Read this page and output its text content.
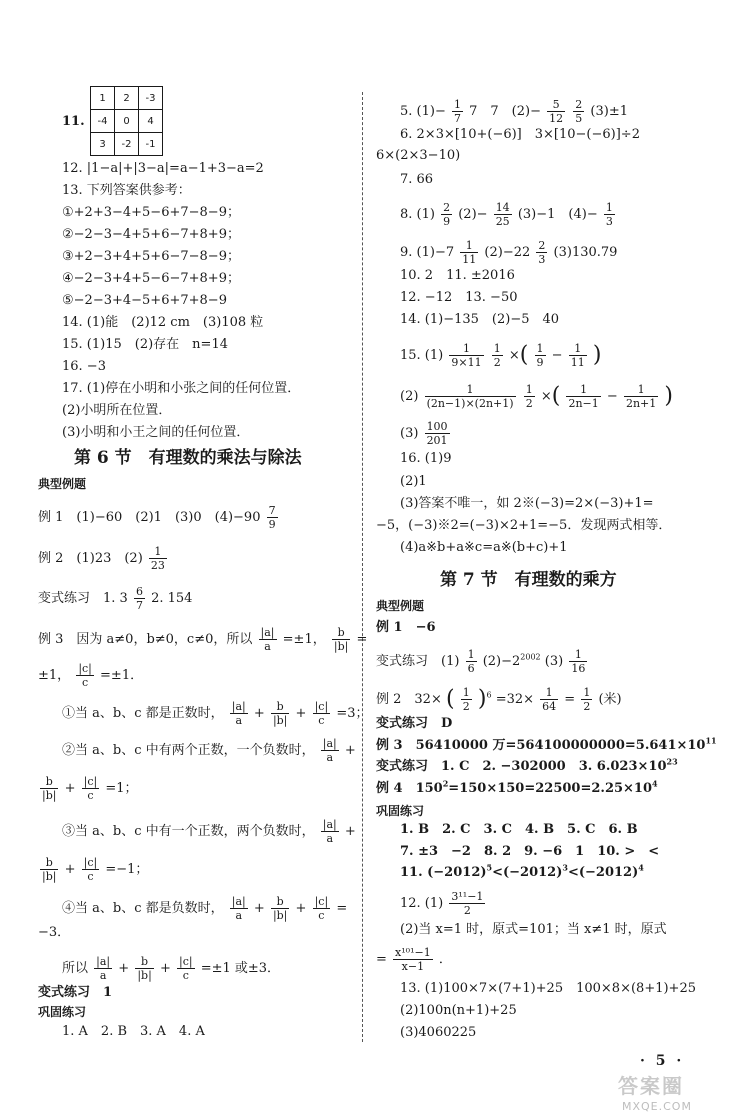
11.
1	2	-3
-4	0	4
3	-2	-1
12. |1−a|+|3−a|=a−1+3−a=2
13. 下列答案供参考：
①+2+3−4+5−6+7−8−9；
②−2−3−4+5+6−7+8+9；
③+2−3+4+5+6−7−8−9；
④−2−3+4+5−6−7+8+9；
⑤−2−3+4−5+6+7+8−9
14. (1)能　(2)12 cm　(3)108 粒
15. (1)15　(2)存在　n=14
16. −3
17. (1)停在小明和小张之间的任何位置．
(2)小明所在位置．
(3)小明和小王之间的任何位置．
第 6 节　有理数的乘法与除法
典型例题
例 1　(1)−60　(2)1　(3)0　$(4)-90 \frac{7}{9}$
例 2　(1)23　$(2) \frac{1}{23}$
变式练习　1. $3 \frac{6}{7} 2$. 154
例 3　因为 a≠0，b≠0，c≠0，所以 $\frac{|a|}{a} =\pm 1$， $\frac{b}{|b|}$ =
±1， $\frac{|c|}{c} =\pm 1$．
①当 a、b、c 都是正数时， $\frac{|a|}{a} + \frac{b}{|b|} + \frac{|c|}{c} =3$；
②当 a、b、c 中有两个正数，一个负数时， $\frac{|a|}{a}$ +
$\frac{b}{|b|} + \frac{|c|}{c} =1$；
③当 a、b、c 中有一个正数，两个负数时， $\frac{|a|}{a}$ +
$\frac{b}{|b|} + \frac{|c|}{c} =-1$；
④当 a、b、c 都是负数时， $\frac{|a|}{a} + \frac{b}{|b|} + \frac{|c|}{c}$ =
−3．
所以 $\frac{|a|}{a} + \frac{b}{|b|} + \frac{|c|}{c} =\pm 1$ 或±3．
变式练习　1
巩固练习
1. A　2. B　3. A　4. A
5. $(1)- \frac{1}{7} 7$　7　$(2)- \frac{5}{12}$
$\frac{2}{5} (3)\pm 1$
6. 2×3×[10+(−6)]　3×[10−(−6)]÷2
6×(2×3−10)
7. 66
8. $(1) \frac{2}{9} (2)- \frac{14}{25} (3)-1$　$(4)- \frac{1}{3}$
9. $(1)-7 \frac{1}{11} (2)-22 \frac{2}{3} (3)130.79$
10. 2　11. ±2016
12. −12　13. −50
14. (1)−135　(2)−5　40
15. $(1) \frac{1}{9\times 11}$
$\frac{1}{2}$ ×( $\frac{1}{9} - \frac{1}{11}$ )
$(2) \frac{1}{(2n-1)\times(2n+1)}$
$\frac{1}{2}$ ×( $\frac{1}{2n-1} - \frac{1}{2n+1}$ )
$(3) \frac{100}{201}$
16. (1)9
(2)1
(3)答案不唯一，如 2※(−3)=2×(−3)+1=
−5，(−3)※2=(−3)×2+1=−5．发现两式相等．
(4)a※b+a※c=a※(b+c)+1
第 7 节　有理数的乘方
典型例题
例 1　−6
变式练习　$(1) \frac{1}{6} (2)-2^{2002}$ $(3) \frac{1}{16}$
例 2　32× ( $\frac{1}{2} )^6 =32\times \frac{1}{64} = \frac{1}{2}$ (米)
变式练习　D
例 3　56410000 万$=564100000000=5.641\times 10^{11}$
变式练习　1. C　2. −302000　3. $6.023\times 10^{23}$
例 4　$150^2=150\times 150=22500=2.25\times 10^4$
巩固练习
1. B　2. C　3. C　4. B　5. C　6. B
7. ±3　−2　8. 2　9. −6　1　10. >　<
11. $(-2012)^5<(-2012)^3<(-2012)^4$
12. $(1) \frac{\text{3¹¹−1}}{2}$
(2)当 x=1 时，原式=101；当 x≠1 时，原式
= $\frac{\text{x¹⁰¹−1}}{x-1}$ ．
13. (1)100×7×(7+1)+25　100×8×(8+1)+25
(2)100n(n+1)+25
(3)4060225
· 5 ·
答案圈
MXQE.COM
